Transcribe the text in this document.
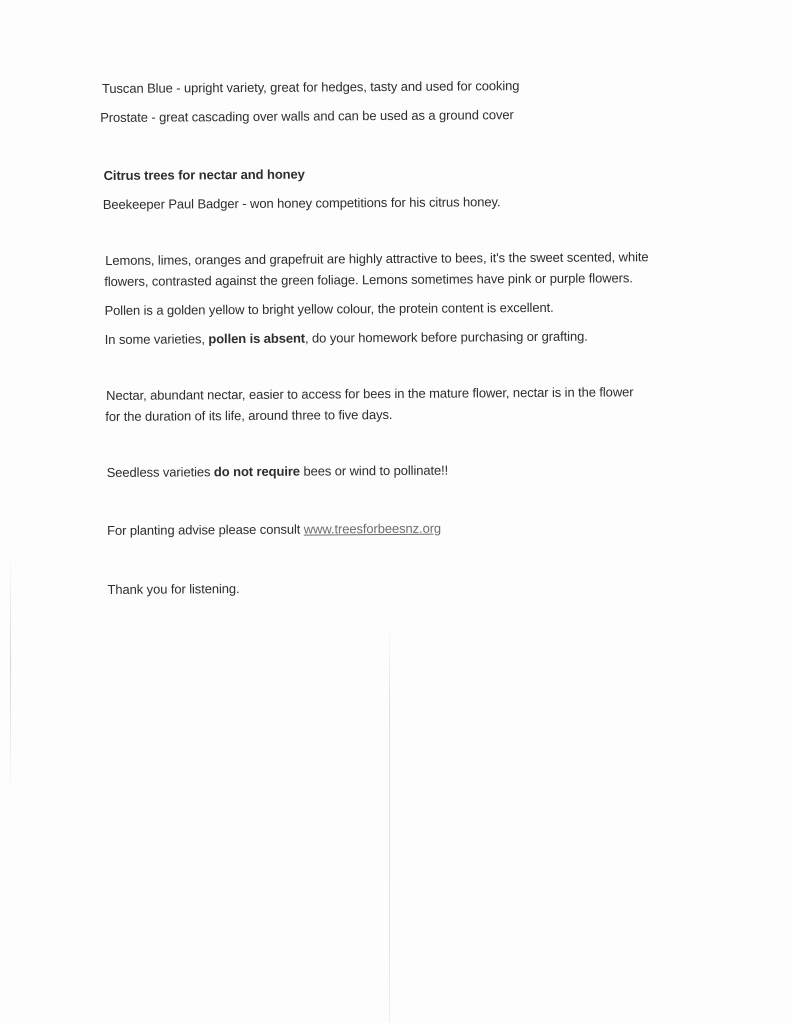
Tuscan Blue - upright variety, great for hedges, tasty and used for cooking
Prostate - great cascading over walls and can be used as a ground cover
Citrus trees for nectar and honey
Beekeeper Paul Badger - won honey competitions for his citrus honey.
Lemons, limes, oranges and grapefruit are highly attractive to bees, it's the sweet scented, white
flowers, contrasted against the green foliage. Lemons sometimes have pink or purple flowers.
Pollen is a golden yellow to bright yellow colour, the protein content is excellent.
In some varieties, pollen is absent, do your homework before purchasing or grafting.
Nectar, abundant nectar, easier to access for bees in the mature flower, nectar is in the flower
for the duration of its life, around three to five days.
Seedless varieties do not require bees or wind to pollinate!!
For planting advise please consult www.treesforbeesnz.org
Thank you for listening.
